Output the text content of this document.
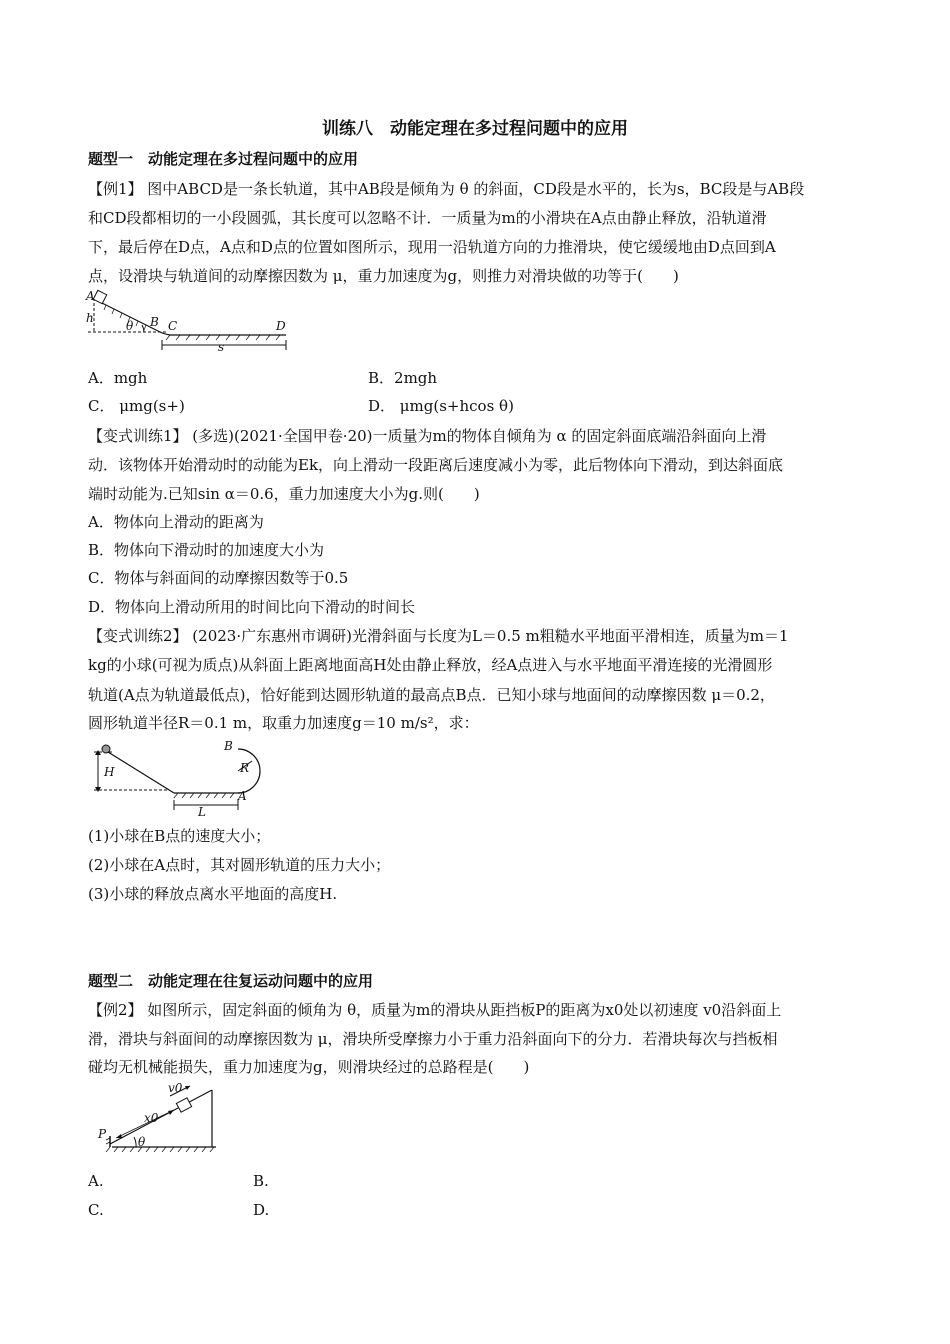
训练八　动能定理在多过程问题中的应用
题型一　动能定理在多过程问题中的应用
【例1】 图中ABCD是一条长轨道，其中AB段是倾角为 θ 的斜面，CD段是水平的，长为s，BC段是与AB段
和CD段都相切的一小段圆弧，其长度可以忽略不计．一质量为m的小滑块在A点由静止释放，沿轨道滑
下，最后停在D点，A点和D点的位置如图所示，现用一沿轨道方向的力推滑块，使它缓缓地由D点回到A
点，设滑块与轨道间的动摩擦因数为 μ，重力加速度为g，则推力对滑块做的功等于(　　)
A
h
θ B C	D
s
A．mgh	B．2mgh
C． μmg(s+)	D． μmg(s+hcos θ)
【变式训练1】 (多选)(2021·全国甲卷·20)一质量为m的物体自倾角为 α 的固定斜面底端沿斜面向上滑
动．该物体开始滑动时的动能为Ek，向上滑动一段距离后速度减小为零，此后物体向下滑动，到达斜面底
端时动能为.已知sin α＝0.6，重力加速度大小为g.则(　　)
A．物体向上滑动的距离为
B．物体向下滑动时的加速度大小为
C．物体与斜面间的动摩擦因数等于0.5
D．物体向上滑动所用的时间比向下滑动的时间长
【变式训练2】 (2023·广东惠州市调研)光滑斜面与长度为L＝0.5 m粗糙水平地面平滑相连，质量为m＝1
kg的小球(可视为质点)从斜面上距离地面高H处由静止释放，经A点进入与水平地面平滑连接的光滑圆形
轨道(A点为轨道最低点)，恰好能到达圆形轨道的最高点B点．已知小球与地面间的动摩擦因数 μ＝0.2，
圆形轨道半径R＝0.1 m，取重力加速度g＝10 m/s²，求：
H
B
R
A
L
(1)小球在B点的速度大小；
(2)小球在A点时，其对圆形轨道的压力大小；
(3)小球的释放点离水平地面的高度H.
题型二　动能定理在往复运动问题中的应用
【例2】 如图所示，固定斜面的倾角为 θ，质量为m的滑块从距挡板P的距离为x0处以初速度 v0沿斜面上
滑，滑块与斜面间的动摩擦因数为 μ，滑块所受摩擦力小于重力沿斜面向下的分力．若滑块每次与挡板相
碰均无机械能损失，重力加速度为g，则滑块经过的总路程是(　　)
v0
x0
P
θ
A.	B.
C.	D.
